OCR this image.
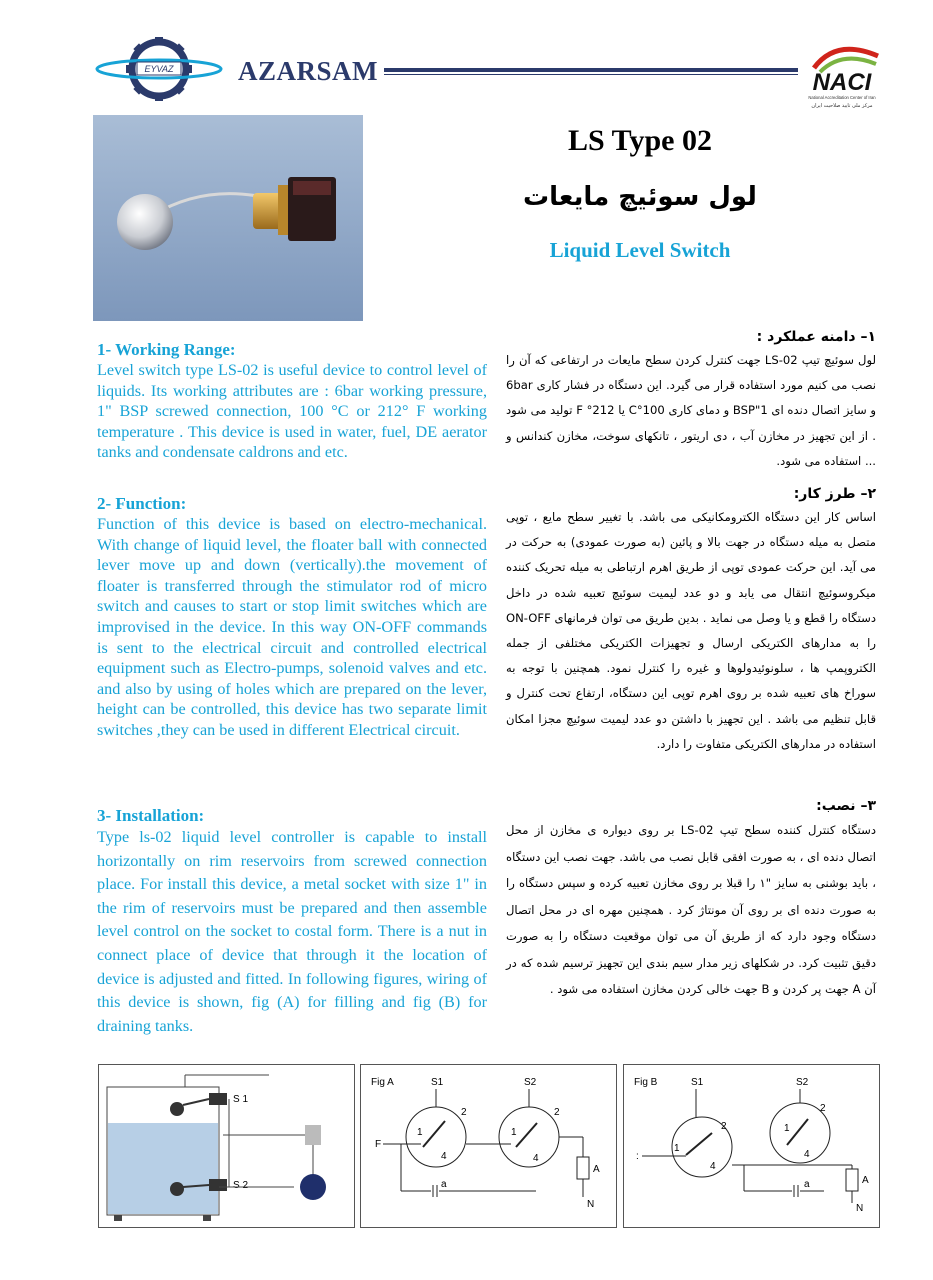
EYVAZ AZARSAM	NACI
National Accreditation Center of Iran
مرکز ملی تایید صلاحیت ایران
LS Type 02
لول سوئیچ مایعات
Liquid Level Switch
1- Working Range:

Level switch type LS-02 is useful device to control level of liquids. Its working attributes are : 6bar working pressure, 1" BSP screwed connection, 100 °C or 212° F working temperature . This device is used in water, fuel, DE aerator tanks and condensate caldrons and etc.

2- Function:

Function of this device is based on electro-mechanical. With change of liquid level, the floater ball with connected lever move up and down (vertically).the movement of floater is transferred through the stimulator rod of micro switch and causes to start or stop limit switches which are improvised in the device. In this way ON-OFF commands is sent to the electrical circuit and controlled electrical equipment such as Electro-pumps, solenoid valves and etc. and also by using of holes which are prepared on the lever, height can be controlled, this device has two separate limit switches ,they can be used in different Electrical circuit.

3- Installation:

Type ls-02 liquid level controller is capable to install horizontally on rim reservoirs from screwed connection place. For install this device, a metal socket with size 1" in the rim of reservoirs must be prepared and then assemble level control on the socket to costal form. There is a nut in connect place of device that through it the location of device is adjusted and fitted. In following figures, wiring of this device is shown, fig (A) for filling and fig (B) for draining tanks.

۱– دامنه عملکرد :

لول سوئیچ تیپ LS-02 جهت کنترل کردن سطح مایعات در ارتفاعی که آن را نصب می کنیم مورد استفاده قرار می گیرد. این دستگاه در فشار کاری 6bar و سایز اتصال دنده ای BSP"1 و دمای کاری 100°C یا 212° F تولید می شود . از این تجهیز در مخازن آب ، دی اریتور ، تانکهای سوخت، مخازن کندانس و ... استفاده می شود.

۲– طرز کار:

اساس کار این دستگاه الکترومکانیکی می باشد. با تغییر سطح مایع ، توپی متصل به میله دستگاه در جهت بالا و پائین (به صورت عمودی) به حرکت در می آید. این حرکت عمودی توپی از طریق اهرم ارتباطی به میله تحریک کننده میکروسوئیچ انتقال می یابد و دو عدد لیمیت سوئیچ تعبیه شده در داخل دستگاه را قطع و یا وصل می نماید . بدین طریق می توان فرمانهای ON-OFF را به مدارهای الکتریکی ارسال و تجهیزات الکتریکی مختلفی از جمله الکتروپمپ ها ، سلونوئیدولوها و غیره را کنترل نمود. همچنین با توجه به سوراخ های تعبیه شده بر روی اهرم توپی این دستگاه، ارتفاع تحت کنترل و قابل تنظیم می باشد . این تجهیز با داشتن دو عدد لیمیت سوئیچ مجزا امکان استفاده در مدارهای الکتریکی متفاوت را دارد.

۳– نصب:

دستگاه کنترل کننده سطح تیپ LS-02 بر روی دیواره ی مخازن از محل اتصال دنده ای ، به صورت افقی قابل نصب می باشد. جهت نصب این دستگاه ، باید بوشنی به سایز "۱ را قبلا بر روی مخازن تعبیه کرده و سپس دستگاه را به صورت دنده ای بر روی آن مونتاژ کرد . همچنین مهره ای در محل اتصال دستگاه وجود دارد که از طریق آن می توان موقعیت دستگاه را به صورت دقیق تثبیت کرد. در شکلهای زیر مدار سیم بندی این تجهیز ترسیم شده که در آن A جهت پر کردن و B جهت خالی کردن مخازن استفاده می شود .

S 1
S 2
Fig A	S1	S2
F
1
2
4
2
1
4
A
N
a
Fig B	S1	S2
:
1
2
4
2
1
4
A
N
a
